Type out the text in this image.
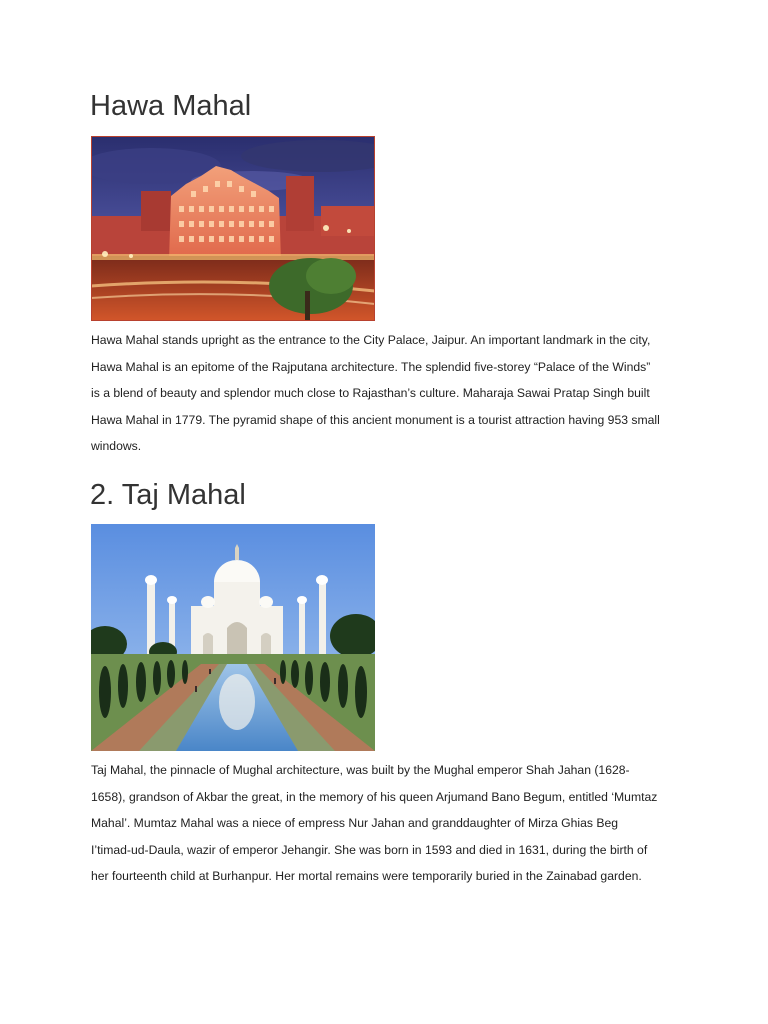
Hawa Mahal
Hawa Mahal stands upright as the entrance to the City Palace, Jaipur. An important landmark in the city,
Hawa Mahal is an epitome of the Rajputana architecture. The splendid five-storey “Palace of the Winds”
is a blend of beauty and splendor much close to Rajasthan’s culture. Maharaja Sawai Pratap Singh built
Hawa Mahal in 1779. The pyramid shape of this ancient monument is a tourist attraction having 953 small
windows.
2. Taj Mahal
Taj Mahal, the pinnacle of Mughal architecture, was built by the Mughal emperor Shah Jahan (1628-
1658), grandson of Akbar the great, in the memory of his queen Arjumand Bano Begum, entitled ‘Mumtaz
Mahal’. Mumtaz Mahal was a niece of empress Nur Jahan and granddaughter of Mirza Ghias Beg
I’timad-ud-Daula, wazir of emperor Jehangir. She was born in 1593 and died in 1631, during the birth of
her fourteenth child at Burhanpur. Her mortal remains were temporarily buried in the Zainabad garden.
